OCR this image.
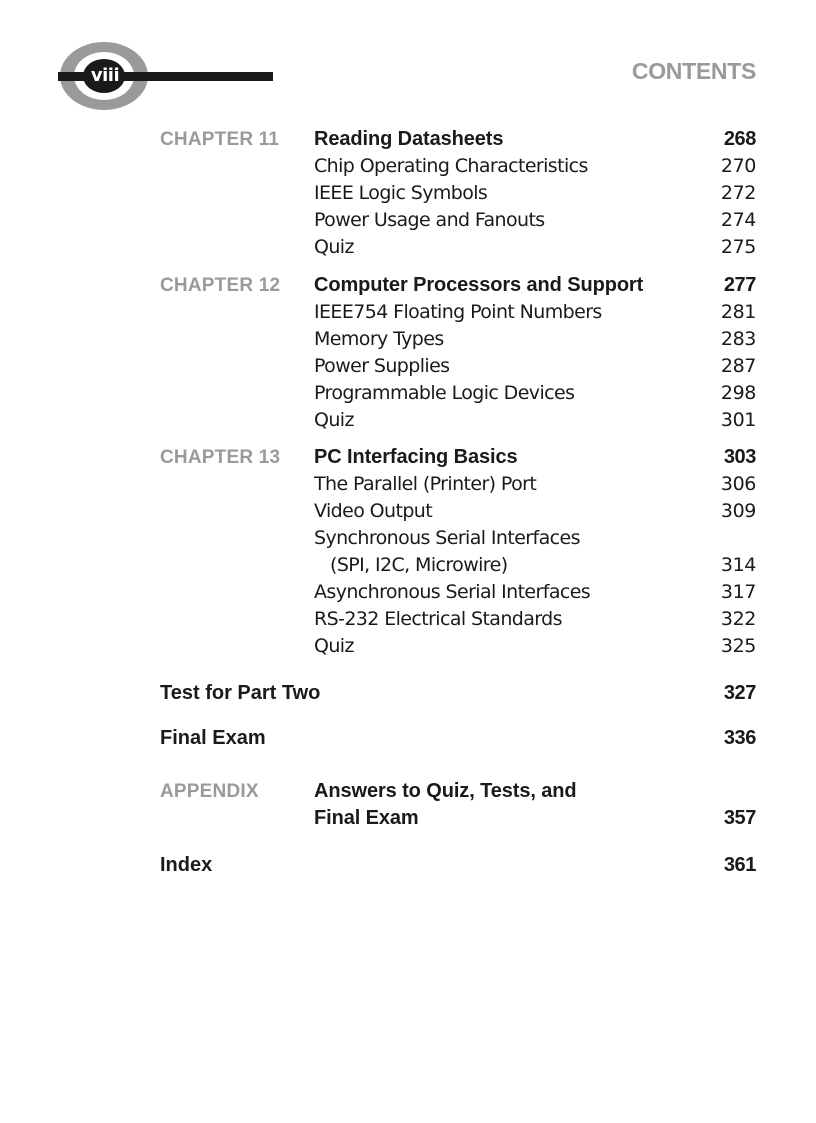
viii	CONTENTS
CHAPTER 11 Reading Datasheets	268
Chip Operating Characteristics	270
IEEE Logic Symbols	272
Power Usage and Fanouts	274
Quiz	275
CHAPTER 12 Computer Processors and Support	277
IEEE754 Floating Point Numbers	281
Memory Types	283
Power Supplies	287
Programmable Logic Devices	298
Quiz	301
CHAPTER 13 PC Interfacing Basics	303
The Parallel (Printer) Port	306
Video Output	309
Synchronous Serial Interfaces
(SPI, I2C, Microwire)	314
Asynchronous Serial Interfaces	317
RS-232 Electrical Standards	322
Quiz	325
Test for Part Two	327
Final Exam	336
APPENDIX	Answers to Quiz, Tests, and
Final Exam	357
Index	361
